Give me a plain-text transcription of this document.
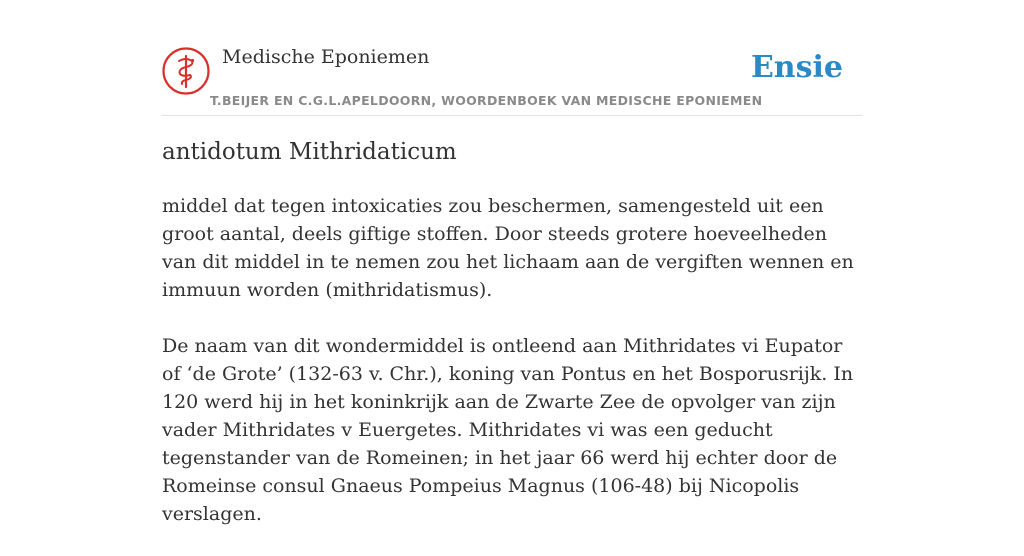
Medische Eponiemen
T.BEIJER EN C.G.L.APELDOORN, WOORDENBOEK VAN MEDISCHE EPONIEMEN
Ensie
antidotum Mithridaticum

middel dat tegen intoxicaties zou beschermen, samengesteld uit een groot aantal, deels giftige stoffen. Door steeds grotere hoeveelheden van dit middel in te nemen zou het lichaam aan de vergiften wennen en immuun worden (mithridatismus).

De naam van dit wondermiddel is ontleend aan Mithridates vi Eupator of ‘de Grote’ (132-63 v. Chr.), koning van Pontus en het Bosporusrijk. In 120 werd hij in het koninkrijk aan de Zwarte Zee de opvolger van zijn vader Mithridates v Euergetes. Mithridates vi was een geducht tegenstander van de Romeinen; in het jaar 66 werd hij echter door de Romeinse consul Gnaeus Pompeius Magnus (106-48) bij Nicopolis verslagen.
